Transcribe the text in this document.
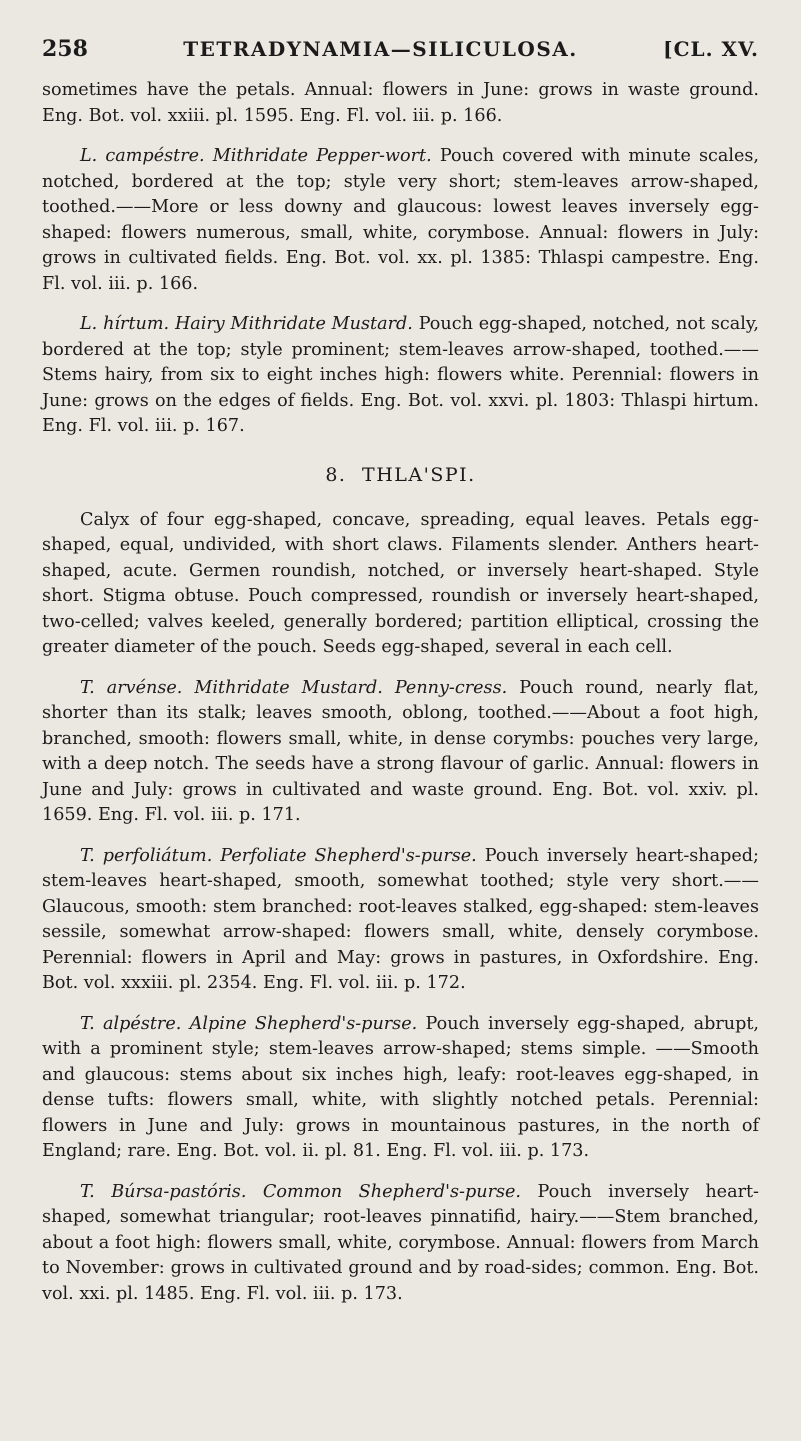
258	TETRADYNAMIA—SILICULOSA.	[CL. XV.

sometimes have the petals. Annual: flowers in June: grows in waste ground. Eng. Bot. vol. xxiii. pl. 1595. Eng. Fl. vol. iii. p. 166.

L. campéstre. Mithridate Pepper-wort. Pouch covered with minute scales, notched, bordered at the top; style very short; stem-leaves arrow-shaped, toothed.——More or less downy and glaucous: lowest leaves inversely egg-shaped: flowers numerous, small, white, corymbose. Annual: flowers in July: grows in cultivated fields. Eng. Bot. vol. xx. pl. 1385: Thlaspi campestre. Eng. Fl. vol. iii. p. 166.

L. hírtum. Hairy Mithridate Mustard. Pouch egg-shaped, notched, not scaly, bordered at the top; style prominent; stem-leaves arrow-shaped, toothed.——Stems hairy, from six to eight inches high: flowers white. Perennial: flowers in June: grows on the edges of fields. Eng. Bot. vol. xxvi. pl. 1803: Thlaspi hirtum. Eng. Fl. vol. iii. p. 167.

8. THLA'SPI.

Calyx of four egg-shaped, concave, spreading, equal leaves. Petals egg-shaped, equal, undivided, with short claws. Filaments slender. Anthers heart-shaped, acute. Germen roundish, notched, or inversely heart-shaped. Style short. Stigma obtuse. Pouch compressed, roundish or inversely heart-shaped, two-celled; valves keeled, generally bordered; partition elliptical, crossing the greater diameter of the pouch. Seeds egg-shaped, several in each cell.

T. arvénse. Mithridate Mustard. Penny-cress. Pouch round, nearly flat, shorter than its stalk; leaves smooth, oblong, toothed.——About a foot high, branched, smooth: flowers small, white, in dense corymbs: pouches very large, with a deep notch. The seeds have a strong flavour of garlic. Annual: flowers in June and July: grows in cultivated and waste ground. Eng. Bot. vol. xxiv. pl. 1659. Eng. Fl. vol. iii. p. 171.

T. perfoliátum. Perfoliate Shepherd's-purse. Pouch inversely heart-shaped; stem-leaves heart-shaped, smooth, somewhat toothed; style very short.——Glaucous, smooth: stem branched: root-leaves stalked, egg-shaped: stem-leaves sessile, somewhat arrow-shaped: flowers small, white, densely corymbose. Perennial: flowers in April and May: grows in pastures, in Oxfordshire. Eng. Bot. vol. xxxiii. pl. 2354. Eng. Fl. vol. iii. p. 172.

T. alpéstre. Alpine Shepherd's-purse. Pouch inversely egg-shaped, abrupt, with a prominent style; stem-leaves arrow-shaped; stems simple. ——Smooth and glaucous: stems about six inches high, leafy: root-leaves egg-shaped, in dense tufts: flowers small, white, with slightly notched petals. Perennial: flowers in June and July: grows in mountainous pastures, in the north of England; rare. Eng. Bot. vol. ii. pl. 81. Eng. Fl. vol. iii. p. 173.

T. Búrsa-pastóris. Common Shepherd's-purse. Pouch inversely heart-shaped, somewhat triangular; root-leaves pinnatifid, hairy.——Stem branched, about a foot high: flowers small, white, corymbose. Annual: flowers from March to November: grows in cultivated ground and by road-sides; common. Eng. Bot. vol. xxi. pl. 1485. Eng. Fl. vol. iii. p. 173.
